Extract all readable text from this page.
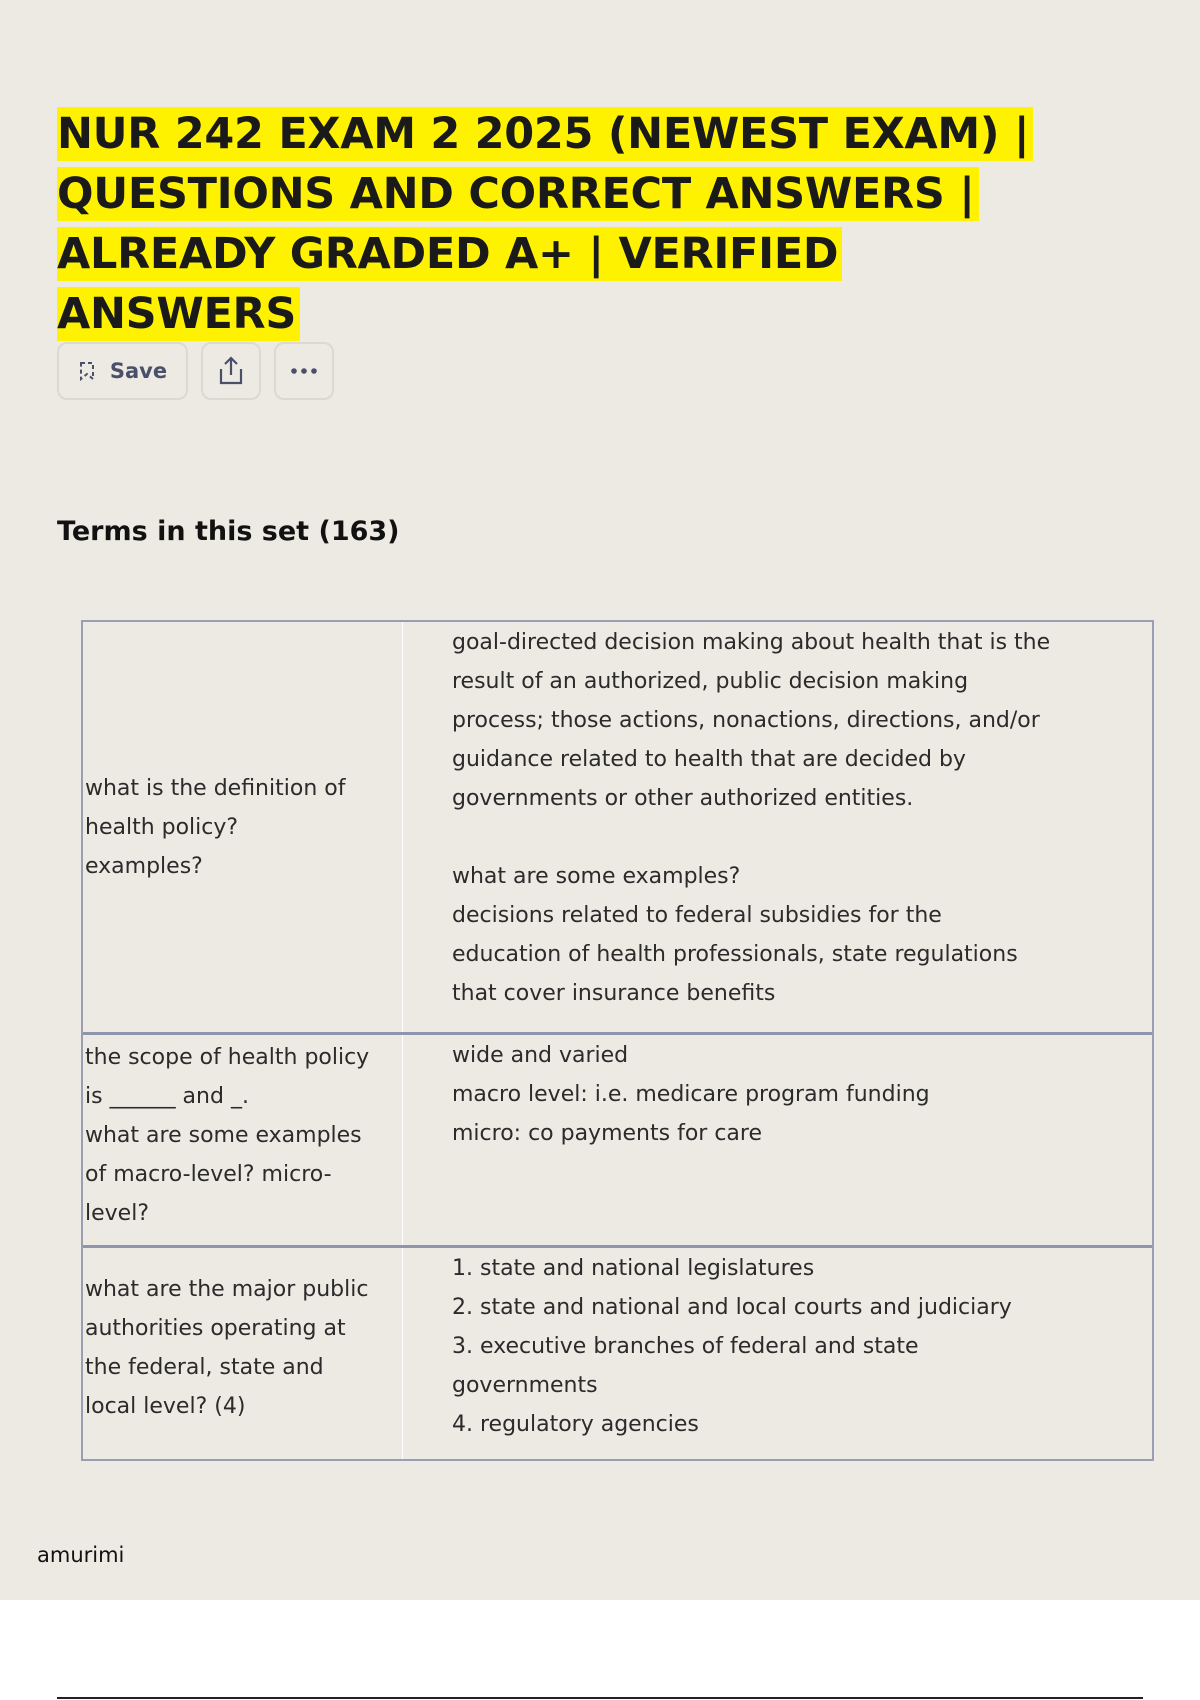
NUR 242 EXAM 2 2025 (NEWEST EXAM) | QUESTIONS AND CORRECT ANSWERS | ALREADY GRADED A+ | VERIFIED ANSWERS
Save
Terms in this set (163)
what is the definition of
health policy?
examples?
goal-directed decision making about health that is the
result of an authorized, public decision making
process; those actions, nonactions, directions, and/or
guidance related to health that are decided by
governments or other authorized entities.

what are some examples?
decisions related to federal subsidies for the
education of health professionals, state regulations
that cover insurance benefits
the scope of health policy
is ______ and _.
what are some examples
of macro-level? micro-
level?
wide and varied
macro level: i.e. medicare program funding
micro: co payments for care
what are the major public
authorities operating at
the federal, state and
local level? (4)
1. state and national legislatures
2. state and national and local courts and judiciary
3. executive branches of federal and state
governments
4. regulatory agencies
amurimi
